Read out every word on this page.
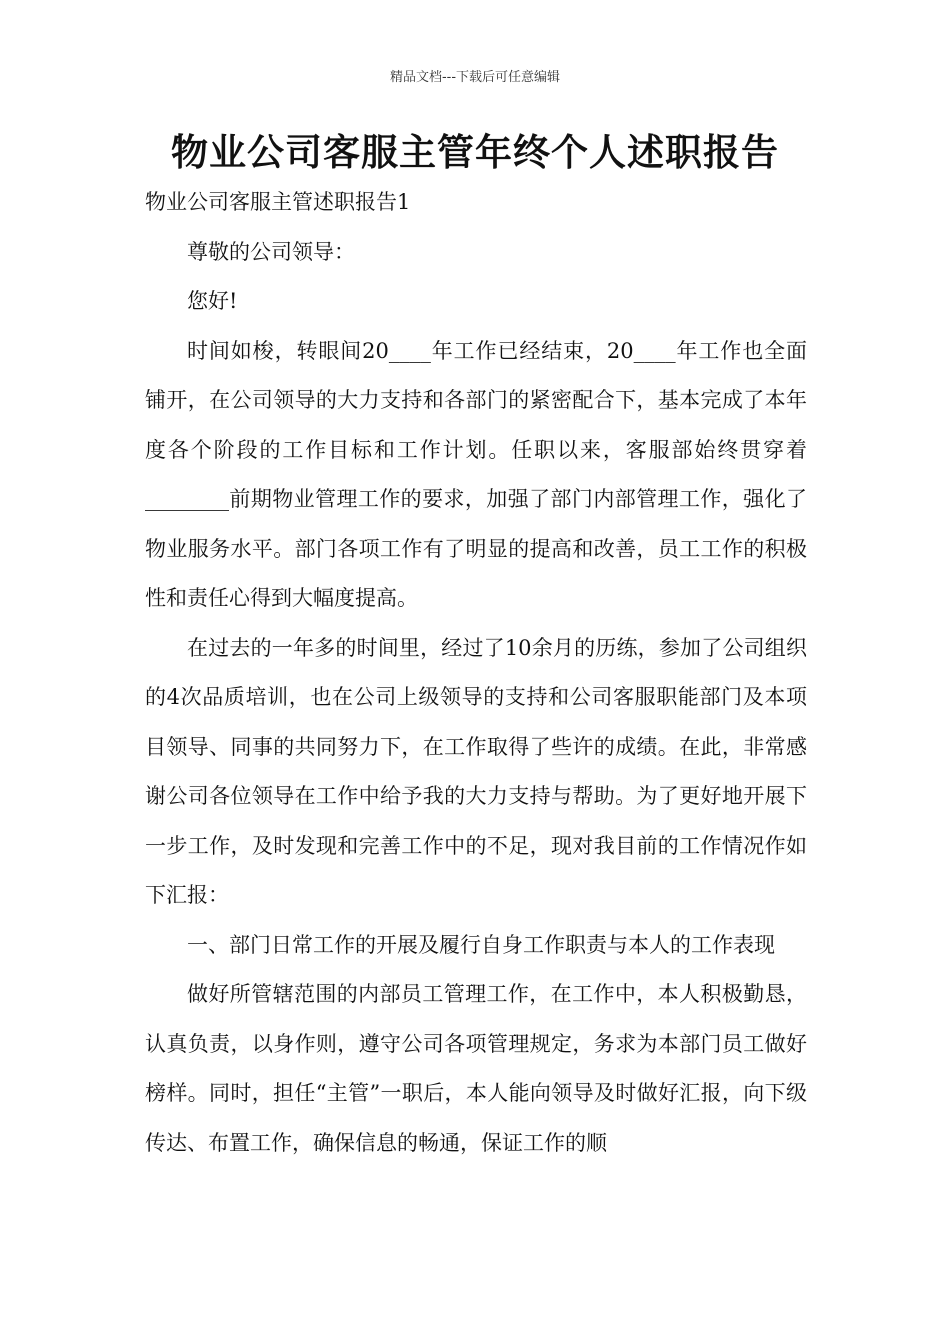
精品文档---下载后可任意编辑
物业公司客服主管年终个人述职报告

物业公司客服主管述职报告1

尊敬的公司领导：

您好!

时间如梭，转眼间20____年工作已经结束，20____年工作也全面铺开，在公司领导的大力支持和各部门的紧密配合下，基本完成了本年度各个阶段的工作目标和工作计划。任职以来，客服部始终贯穿着________前期物业管理工作的要求，加强了部门内部管理工作，强化了物业服务水平。部门各项工作有了明显的提高和改善，员工工作的积极性和责任心得到大幅度提高。

在过去的一年多的时间里，经过了10余月的历练，参加了公司组织的4次品质培训，也在公司上级领导的支持和公司客服职能部门及本项目领导、同事的共同努力下，在工作取得了些许的成绩。在此，非常感谢公司各位领导在工作中给予我的大力支持与帮助。为了更好地开展下一步工作，及时发现和完善工作中的不足，现对我目前的工作情况作如下汇报：

一、部门日常工作的开展及履行自身工作职责与本人的工作表现

做好所管辖范围的内部员工管理工作，在工作中，本人积极勤恳，认真负责，以身作则，遵守公司各项管理规定，务求为本部门员工做好榜样。同时，担任“主管”一职后，本人能向领导及时做好汇报，向下级传达、布置工作，确保信息的畅通，保证工作的顺
